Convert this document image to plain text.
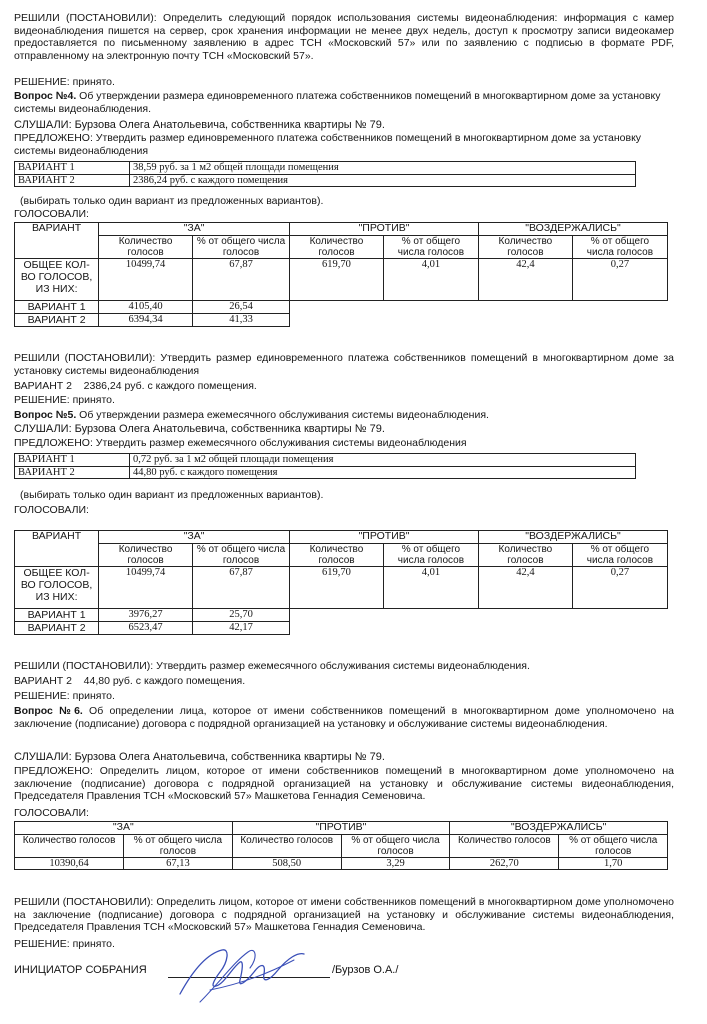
РЕШИЛИ (ПОСТАНОВИЛИ): Определить следующий порядок использования системы видеонаблюдения: информация с камер видеонаблюдения пишется на сервер, срок хранения информации не менее двух недель, доступ к просмотру записи видеокамер предоставляется по письменному заявлению в адрес ТСН «Московский 57» или по заявлению с подписью в формате PDF, отправленному на электронную почту ТСН «Московский 57».

РЕШЕНИЕ: принято.

Вопрос №4. Об утверждении размера единовременного платежа собственников помещений в многоквартирном доме за установку системы видеонаблюдения.

СЛУШАЛИ: Бурзова Олега Анатольевича, собственника квартиры № 79.

ПРЕДЛОЖЕНО: Утвердить размер единовременного платежа собственников помещений в многоквартирном доме за установку системы видеонаблюдения

ВАРИАНТ 1	38,59 руб. за 1 м2 общей площади помещения
ВАРИАНТ 2	2386,24 руб. с каждого помещения

(выбирать только один вариант из предложенных вариантов).

ГОЛОСОВАЛИ:

ВАРИАНТ	"ЗА"		"ПРОТИВ"		"ВОЗДЕРЖАЛИСЬ"	
	Количество голосов	% от общего числа голосов	Количество голосов	% от общего числа голосов	Количество голосов	% от общего числа голосов
ОБЩЕЕ КОЛ-ВО ГОЛОСОВ, ИЗ НИХ:	10499,74	67,87	619,70	4,01	42,4	0,27
ВАРИАНТ 1	4105,40	26,54				
ВАРИАНТ 2	6394,34	41,33				

РЕШИЛИ (ПОСТАНОВИЛИ): Утвердить размер единовременного платежа собственников помещений в многоквартирном доме за установку системы видеонаблюдения

ВАРИАНТ 2 2386,24 руб. с каждого помещения.

РЕШЕНИЕ: принято.

Вопрос №5. Об утверждении размера ежемесячного обслуживания системы видеонаблюдения.

СЛУШАЛИ: Бурзова Олега Анатольевича, собственника квартиры № 79.

ПРЕДЛОЖЕНО: Утвердить размер ежемесячного обслуживания системы видеонаблюдения

ВАРИАНТ 1	0,72 руб. за 1 м2 общей площади помещения
ВАРИАНТ 2	44,80 руб. с каждого помещения

(выбирать только один вариант из предложенных вариантов).

ГОЛОСОВАЛИ:

ВАРИАНТ	"ЗА"		"ПРОТИВ"		"ВОЗДЕРЖАЛИСЬ"	
	Количество голосов	% от общего числа голосов	Количество голосов	% от общего числа голосов	Количество голосов	% от общего числа голосов
ОБЩЕЕ КОЛ-ВО ГОЛОСОВ, ИЗ НИХ:	10499,74	67,87	619,70	4,01	42,4	0,27
ВАРИАНТ 1	3976,27	25,70				
ВАРИАНТ 2	6523,47	42,17				

РЕШИЛИ (ПОСТАНОВИЛИ): Утвердить размер ежемесячного обслуживания системы видеонаблюдения.

ВАРИАНТ 2 44,80 руб. с каждого помещения.

РЕШЕНИЕ: принято.

Вопрос №6. Об определении лица, которое от имени собственников помещений в многоквартирном доме уполномочено на заключение (подписание) договора с подрядной организацией на установку и обслуживание системы видеонаблюдения.

СЛУШАЛИ: Бурзова Олега Анатольевича, собственника квартиры № 79.

ПРЕДЛОЖЕНО: Определить лицом, которое от имени собственников помещений в многоквартирном доме уполномочено на заключение (подписание) договора с подрядной организацией на установку и обслуживание системы видеонаблюдения, Председателя Правления ТСН «Московский 57» Машкетова Геннадия Семеновича.

ГОЛОСОВАЛИ:

"ЗА"		"ПРОТИВ"		"ВОЗДЕРЖАЛИСЬ"	
Количество голосов	% от общего числа голосов	Количество голосов	% от общего числа голосов	Количество голосов	% от общего числа голосов
10390,64	67,13	508,50	3,29	262,70	1,70

РЕШИЛИ (ПОСТАНОВИЛИ): Определить лицом, которое от имени собственников помещений в многоквартирном доме уполномочено на заключение (подписание) договора с подрядной организацией на установку и обслуживание системы видеонаблюдения, Председателя Правления ТСН «Московский 57» Машкетова Геннадия Семеновича.

РЕШЕНИЕ: принято.

ИНИЦИАТОР СОБРАНИЯ	/Бурзов О.А./
